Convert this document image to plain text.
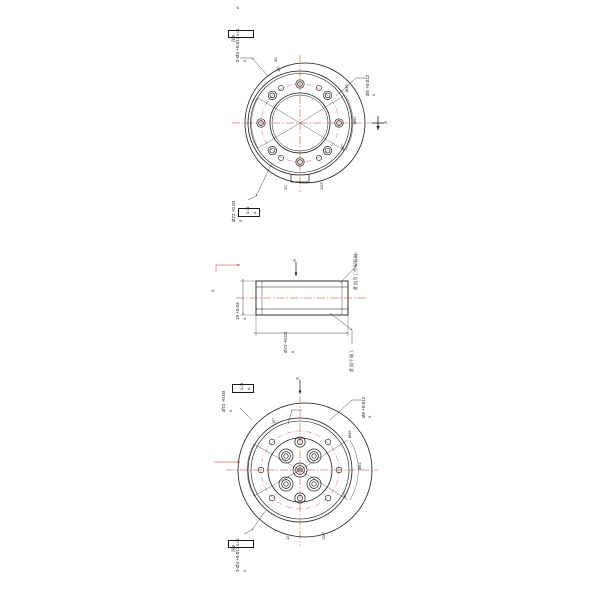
3-Ø4 +0.012 0
深6
0.01
A
Ø72 +0.03 0
0.01 A
Ø5 +0.012 0
15°
25°
120°
12
30
Ø62
Ø46
A
18 +0.03 0
Ø72 +0.03 0
此面为工作安装面
此面不加工
A
A
3-Ø4 +0.012 0
深6
0.01
Ø72 +0.03 0
0.01 A
Ø5 +0.012 0
15°
25°
120°
12
Ø62
Ø46
A
